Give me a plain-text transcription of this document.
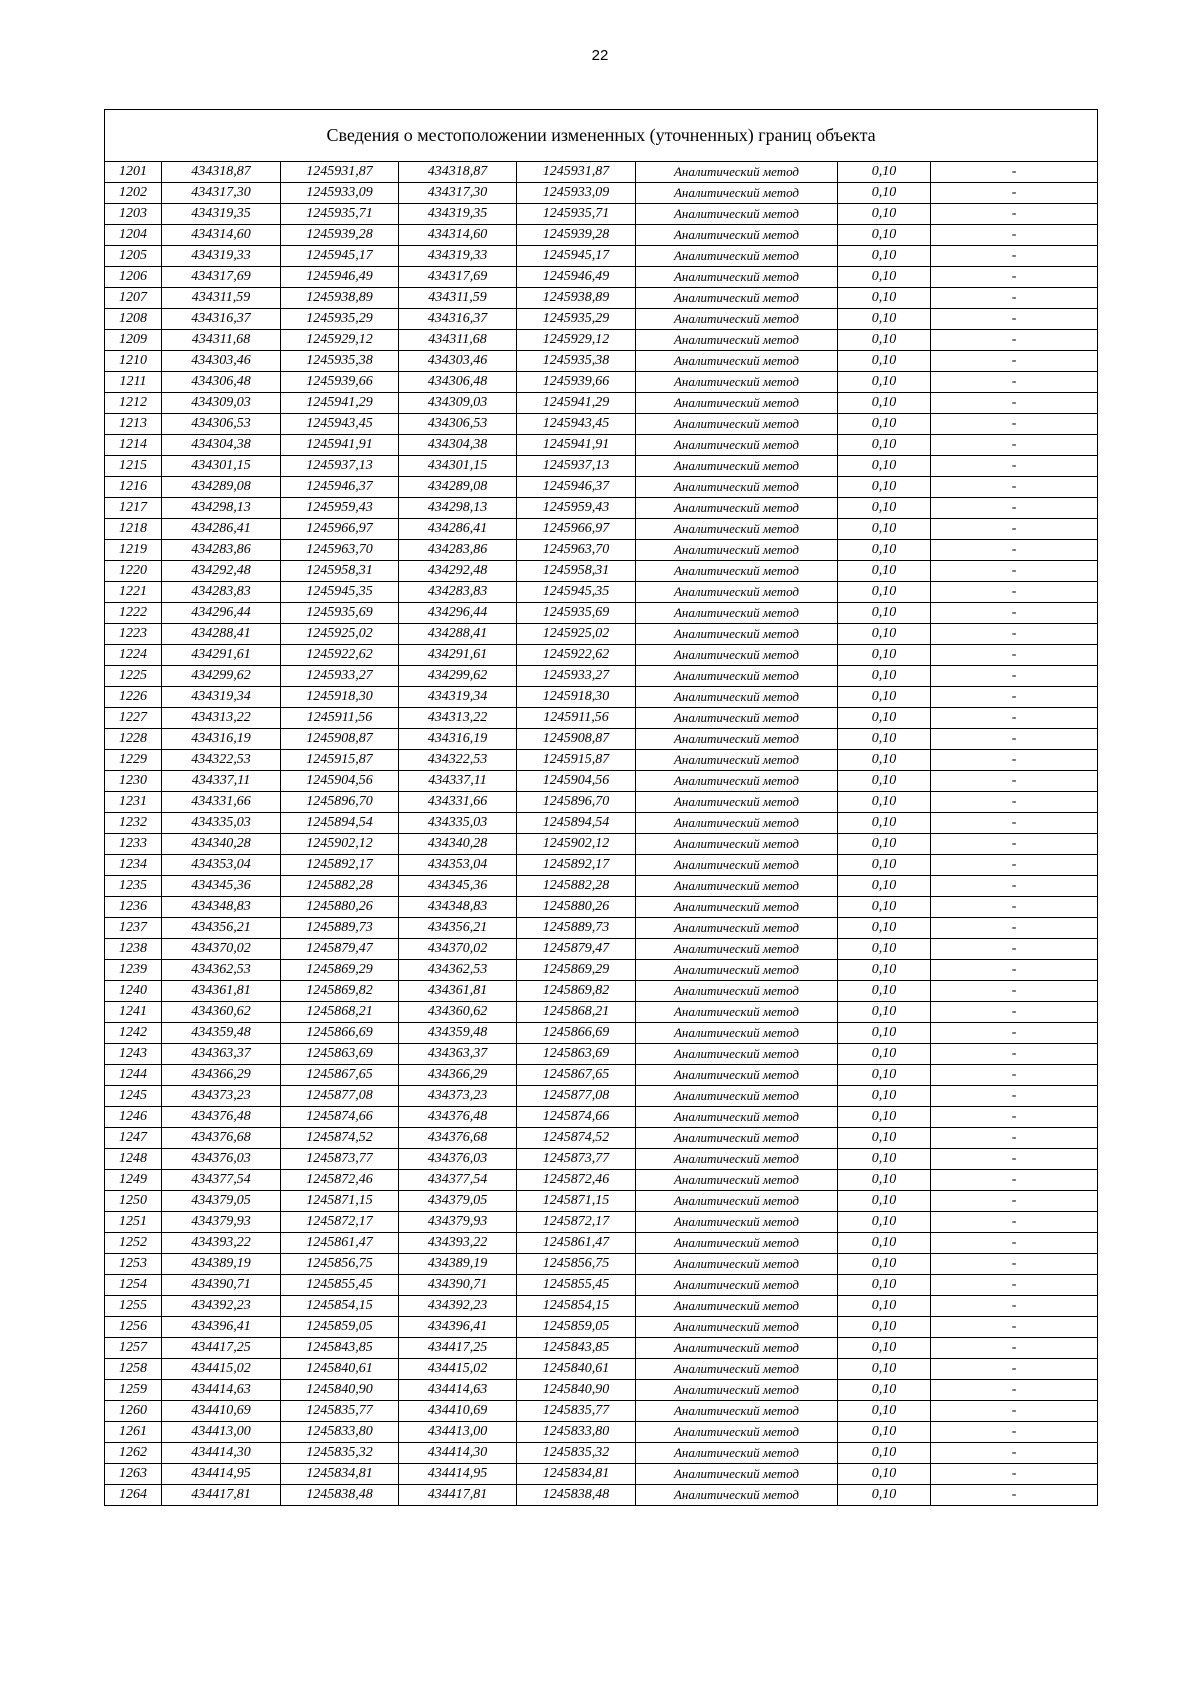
22
Сведения о местоположении измененных (уточненных) границ объекта							
1201	434318,87	1245931,87	434318,87	1245931,87	Аналитический метод	0,10	-
1202	434317,30	1245933,09	434317,30	1245933,09	Аналитический метод	0,10	-
1203	434319,35	1245935,71	434319,35	1245935,71	Аналитический метод	0,10	-
1204	434314,60	1245939,28	434314,60	1245939,28	Аналитический метод	0,10	-
1205	434319,33	1245945,17	434319,33	1245945,17	Аналитический метод	0,10	-
1206	434317,69	1245946,49	434317,69	1245946,49	Аналитический метод	0,10	-
1207	434311,59	1245938,89	434311,59	1245938,89	Аналитический метод	0,10	-
1208	434316,37	1245935,29	434316,37	1245935,29	Аналитический метод	0,10	-
1209	434311,68	1245929,12	434311,68	1245929,12	Аналитический метод	0,10	-
1210	434303,46	1245935,38	434303,46	1245935,38	Аналитический метод	0,10	-
1211	434306,48	1245939,66	434306,48	1245939,66	Аналитический метод	0,10	-
1212	434309,03	1245941,29	434309,03	1245941,29	Аналитический метод	0,10	-
1213	434306,53	1245943,45	434306,53	1245943,45	Аналитический метод	0,10	-
1214	434304,38	1245941,91	434304,38	1245941,91	Аналитический метод	0,10	-
1215	434301,15	1245937,13	434301,15	1245937,13	Аналитический метод	0,10	-
1216	434289,08	1245946,37	434289,08	1245946,37	Аналитический метод	0,10	-
1217	434298,13	1245959,43	434298,13	1245959,43	Аналитический метод	0,10	-
1218	434286,41	1245966,97	434286,41	1245966,97	Аналитический метод	0,10	-
1219	434283,86	1245963,70	434283,86	1245963,70	Аналитический метод	0,10	-
1220	434292,48	1245958,31	434292,48	1245958,31	Аналитический метод	0,10	-
1221	434283,83	1245945,35	434283,83	1245945,35	Аналитический метод	0,10	-
1222	434296,44	1245935,69	434296,44	1245935,69	Аналитический метод	0,10	-
1223	434288,41	1245925,02	434288,41	1245925,02	Аналитический метод	0,10	-
1224	434291,61	1245922,62	434291,61	1245922,62	Аналитический метод	0,10	-
1225	434299,62	1245933,27	434299,62	1245933,27	Аналитический метод	0,10	-
1226	434319,34	1245918,30	434319,34	1245918,30	Аналитический метод	0,10	-
1227	434313,22	1245911,56	434313,22	1245911,56	Аналитический метод	0,10	-
1228	434316,19	1245908,87	434316,19	1245908,87	Аналитический метод	0,10	-
1229	434322,53	1245915,87	434322,53	1245915,87	Аналитический метод	0,10	-
1230	434337,11	1245904,56	434337,11	1245904,56	Аналитический метод	0,10	-
1231	434331,66	1245896,70	434331,66	1245896,70	Аналитический метод	0,10	-
1232	434335,03	1245894,54	434335,03	1245894,54	Аналитический метод	0,10	-
1233	434340,28	1245902,12	434340,28	1245902,12	Аналитический метод	0,10	-
1234	434353,04	1245892,17	434353,04	1245892,17	Аналитический метод	0,10	-
1235	434345,36	1245882,28	434345,36	1245882,28	Аналитический метод	0,10	-
1236	434348,83	1245880,26	434348,83	1245880,26	Аналитический метод	0,10	-
1237	434356,21	1245889,73	434356,21	1245889,73	Аналитический метод	0,10	-
1238	434370,02	1245879,47	434370,02	1245879,47	Аналитический метод	0,10	-
1239	434362,53	1245869,29	434362,53	1245869,29	Аналитический метод	0,10	-
1240	434361,81	1245869,82	434361,81	1245869,82	Аналитический метод	0,10	-
1241	434360,62	1245868,21	434360,62	1245868,21	Аналитический метод	0,10	-
1242	434359,48	1245866,69	434359,48	1245866,69	Аналитический метод	0,10	-
1243	434363,37	1245863,69	434363,37	1245863,69	Аналитический метод	0,10	-
1244	434366,29	1245867,65	434366,29	1245867,65	Аналитический метод	0,10	-
1245	434373,23	1245877,08	434373,23	1245877,08	Аналитический метод	0,10	-
1246	434376,48	1245874,66	434376,48	1245874,66	Аналитический метод	0,10	-
1247	434376,68	1245874,52	434376,68	1245874,52	Аналитический метод	0,10	-
1248	434376,03	1245873,77	434376,03	1245873,77	Аналитический метод	0,10	-
1249	434377,54	1245872,46	434377,54	1245872,46	Аналитический метод	0,10	-
1250	434379,05	1245871,15	434379,05	1245871,15	Аналитический метод	0,10	-
1251	434379,93	1245872,17	434379,93	1245872,17	Аналитический метод	0,10	-
1252	434393,22	1245861,47	434393,22	1245861,47	Аналитический метод	0,10	-
1253	434389,19	1245856,75	434389,19	1245856,75	Аналитический метод	0,10	-
1254	434390,71	1245855,45	434390,71	1245855,45	Аналитический метод	0,10	-
1255	434392,23	1245854,15	434392,23	1245854,15	Аналитический метод	0,10	-
1256	434396,41	1245859,05	434396,41	1245859,05	Аналитический метод	0,10	-
1257	434417,25	1245843,85	434417,25	1245843,85	Аналитический метод	0,10	-
1258	434415,02	1245840,61	434415,02	1245840,61	Аналитический метод	0,10	-
1259	434414,63	1245840,90	434414,63	1245840,90	Аналитический метод	0,10	-
1260	434410,69	1245835,77	434410,69	1245835,77	Аналитический метод	0,10	-
1261	434413,00	1245833,80	434413,00	1245833,80	Аналитический метод	0,10	-
1262	434414,30	1245835,32	434414,30	1245835,32	Аналитический метод	0,10	-
1263	434414,95	1245834,81	434414,95	1245834,81	Аналитический метод	0,10	-
1264	434417,81	1245838,48	434417,81	1245838,48	Аналитический метод	0,10	-
